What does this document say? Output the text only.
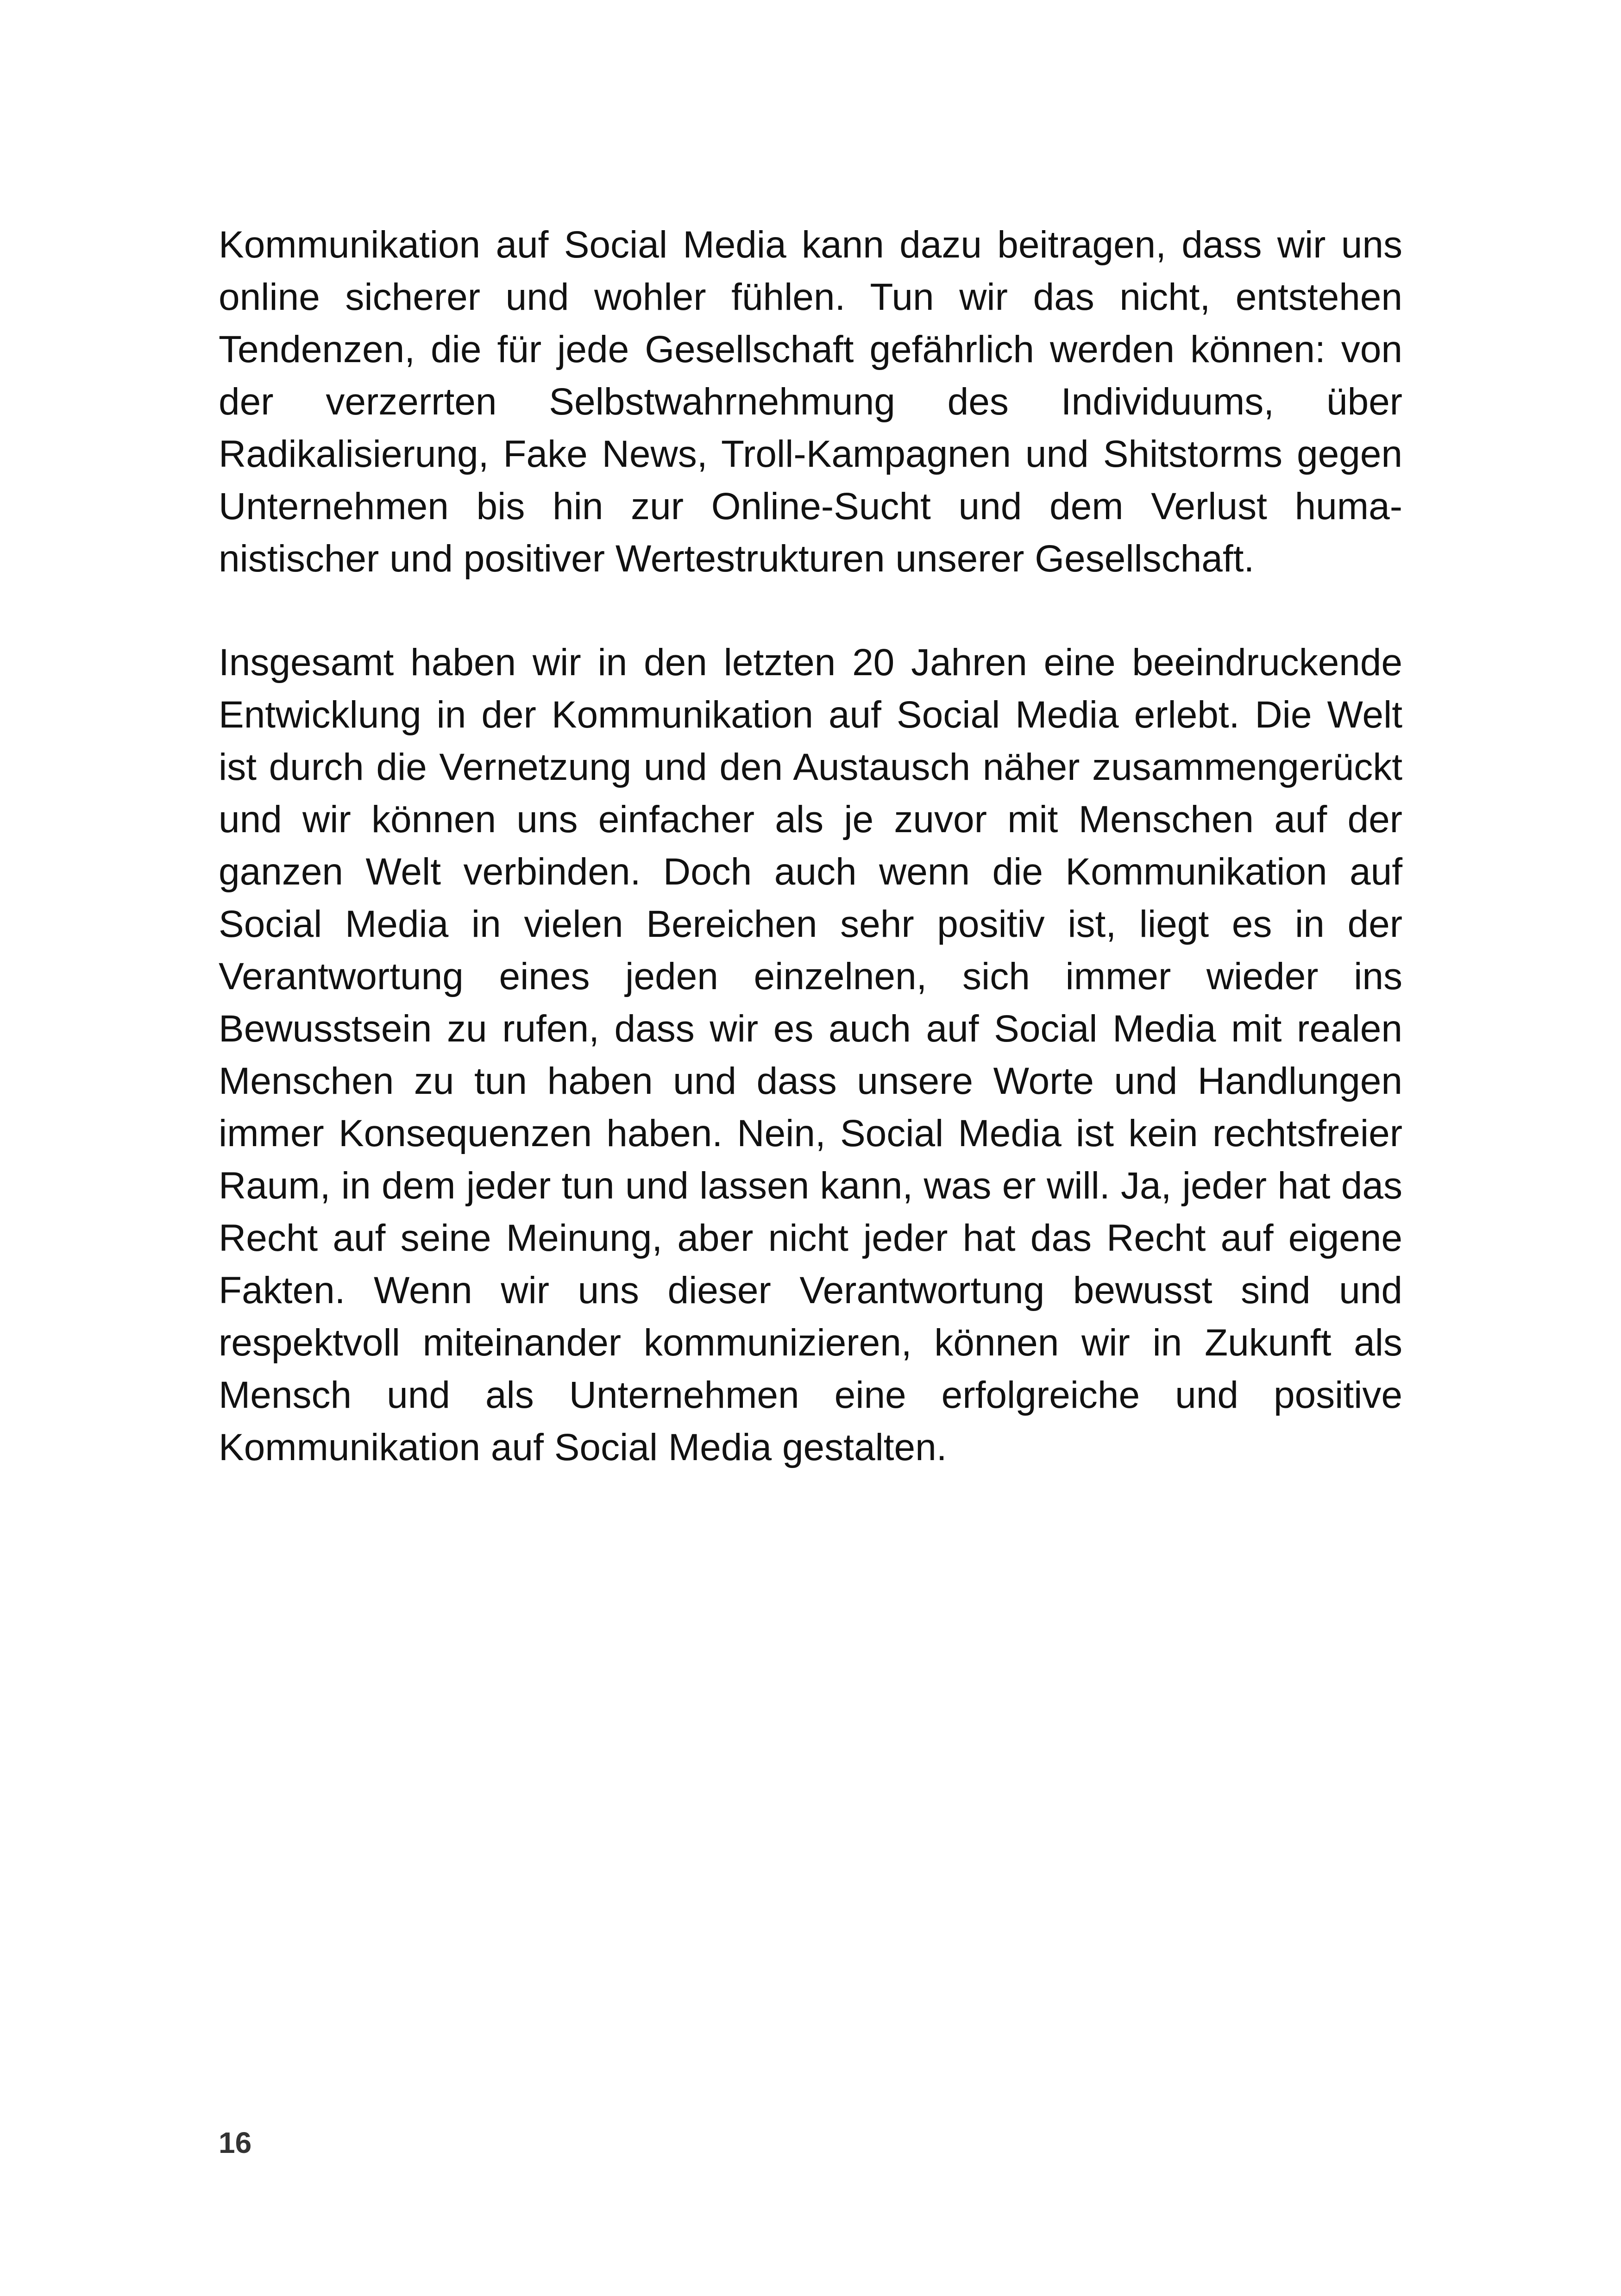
Kommunikation auf Social Media kann dazu beitragen, dass wir uns online sicherer und wohler fühlen. Tun wir das nicht, entstehen Tendenzen, die für jede Gesellschaft gefährlich werden können: von der verzerrten Selbstwahrnehmung des Individuums, über Radikalisierung, Fake News, Troll-Kampagnen und Shitstorms gegen Unternehmen bis hin zur Online-Sucht und dem Verlust humanistischer und positiver Wertestrukturen unserer Gesellschaft.

Insgesamt haben wir in den letzten 20 Jahren eine beeindruckende Entwicklung in der Kommunikation auf Social Media erlebt. Die Welt ist durch die Vernetzung und den Austausch näher zusammengerückt und wir können uns einfacher als je zuvor mit Menschen auf der ganzen Welt verbinden. Doch auch wenn die Kommunikation auf Social Media in vielen Bereichen sehr positiv ist, liegt es in der Verantwortung eines jeden einzelnen, sich immer wieder ins Bewusstsein zu rufen, dass wir es auch auf Social Media mit realen Menschen zu tun haben und dass unsere Worte und Handlungen immer Konsequenzen haben. Nein, Social Media ist kein rechtsfreier Raum, in dem jeder tun und lassen kann, was er will. Ja, jeder hat das Recht auf seine Meinung, aber nicht jeder hat das Recht auf eigene Fakten. Wenn wir uns dieser Verantwortung bewusst sind und respektvoll miteinander kommunizieren, können wir in Zukunft als Mensch und als Unternehmen eine erfolgreiche und positive Kommunikation auf Social Media gestalten.

16
